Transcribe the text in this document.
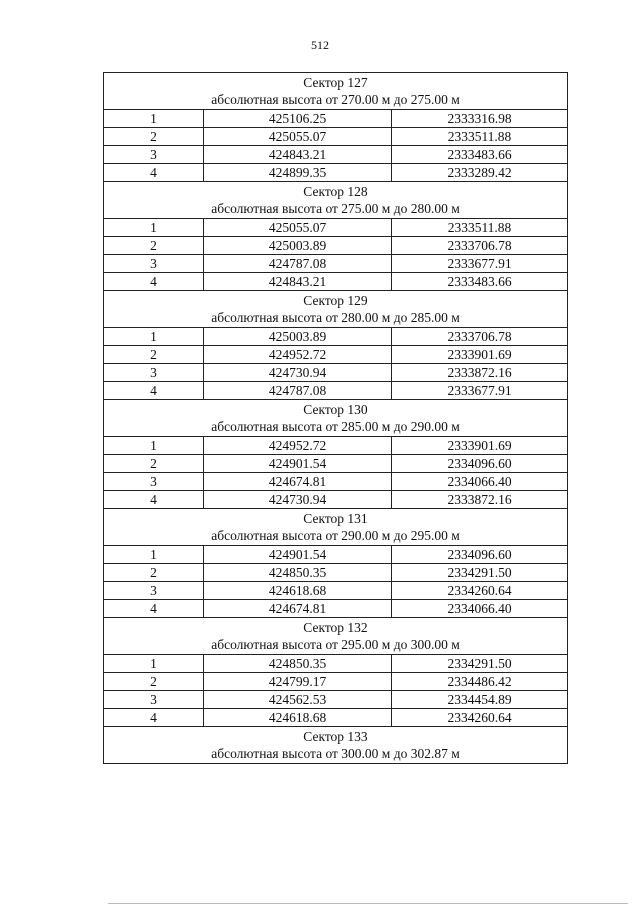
512
Сектор 127
абсолютная высота от 270.00 м до 275.00 м		

1	425106.25	2333316.98
2	425055.07	2333511.88
3	424843.21	2333483.66
4	424899.35	2333289.42

Сектор 128
абсолютная высота от 275.00 м до 280.00 м		

1	425055.07	2333511.88
2	425003.89	2333706.78
3	424787.08	2333677.91
4	424843.21	2333483.66

Сектор 129
абсолютная высота от 280.00 м до 285.00 м		

1	425003.89	2333706.78
2	424952.72	2333901.69
3	424730.94	2333872.16
4	424787.08	2333677.91

Сектор 130
абсолютная высота от 285.00 м до 290.00 м		

1	424952.72	2333901.69
2	424901.54	2334096.60
3	424674.81	2334066.40
4	424730.94	2333872.16

Сектор 131
абсолютная высота от 290.00 м до 295.00 м		

1	424901.54	2334096.60
2	424850.35	2334291.50
3	424618.68	2334260.64
4	424674.81	2334066.40

Сектор 132
абсолютная высота от 295.00 м до 300.00 м		

1	424850.35	2334291.50
2	424799.17	2334486.42
3	424562.53	2334454.89
4	424618.68	2334260.64

Сектор 133
абсолютная высота от 300.00 м до 302.87 м		
